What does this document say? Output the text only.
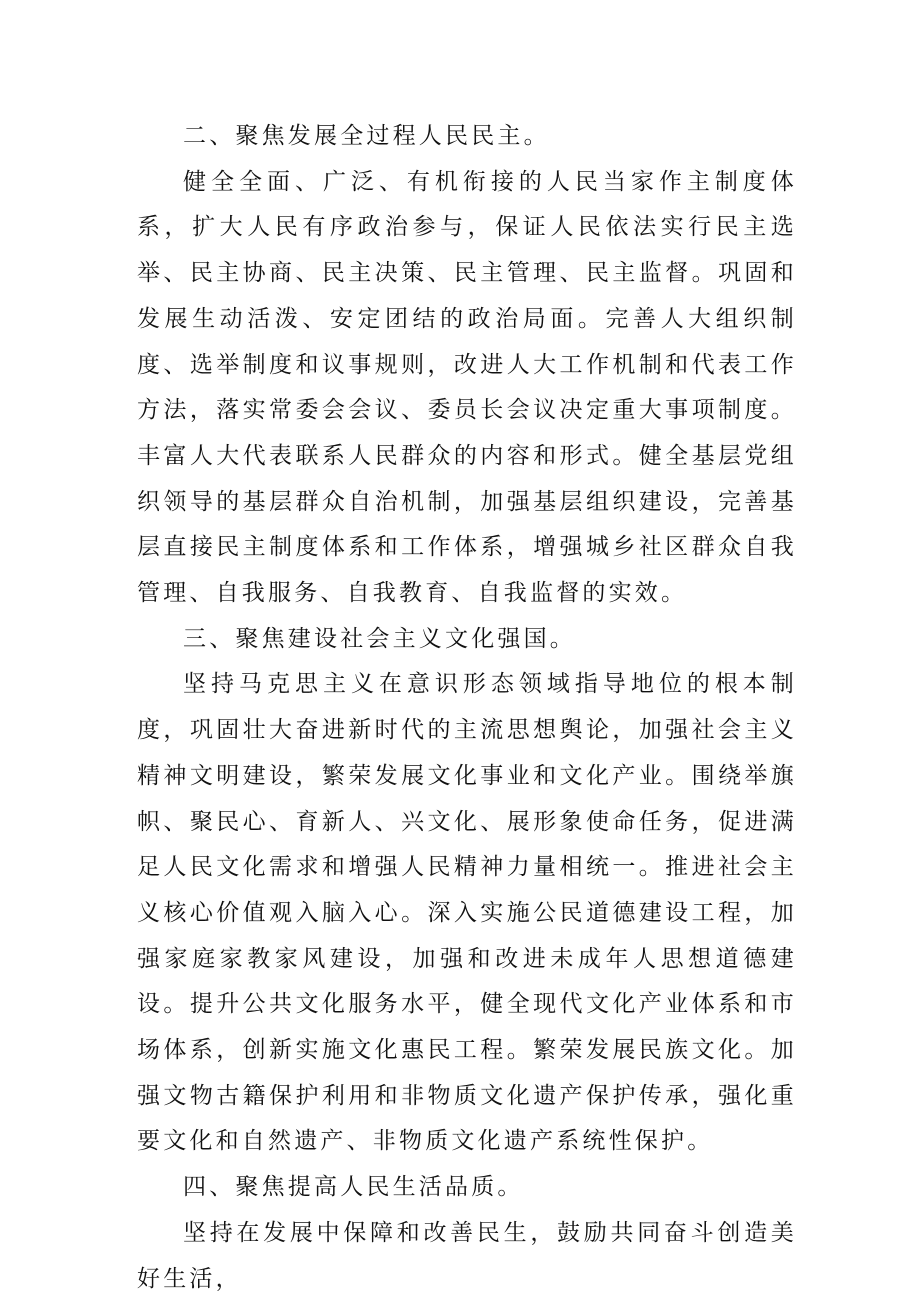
二、聚焦发展全过程人民民主。

健全全面、广泛、有机衔接的人民当家作主制度体系，扩大人民有序政治参与，保证人民依法实行民主选举、民主协商、民主决策、民主管理、民主监督。巩固和发展生动活泼、安定团结的政治局面。完善人大组织制度、选举制度和议事规则，改进人大工作机制和代表工作方法，落实常委会会议、委员长会议决定重大事项制度。丰富人大代表联系人民群众的内容和形式。健全基层党组织领导的基层群众自治机制，加强基层组织建设，完善基层直接民主制度体系和工作体系，增强城乡社区群众自我管理、自我服务、自我教育、自我监督的实效。

三、聚焦建设社会主义文化强国。

坚持马克思主义在意识形态领域指导地位的根本制度，巩固壮大奋进新时代的主流思想舆论，加强社会主义精神文明建设，繁荣发展文化事业和文化产业。围绕举旗帜、聚民心、育新人、兴文化、展形象使命任务，促进满足人民文化需求和增强人民精神力量相统一。推进社会主义核心价值观入脑入心。深入实施公民道德建设工程，加强家庭家教家风建设，加强和改进未成年人思想道德建设。提升公共文化服务水平，健全现代文化产业体系和市场体系，创新实施文化惠民工程。繁荣发展民族文化。加强文物古籍保护利用和非物质文化遗产保护传承，强化重要文化和自然遗产、非物质文化遗产系统性保护。

四、聚焦提高人民生活品质。

坚持在发展中保障和改善民生，鼓励共同奋斗创造美好生活，
